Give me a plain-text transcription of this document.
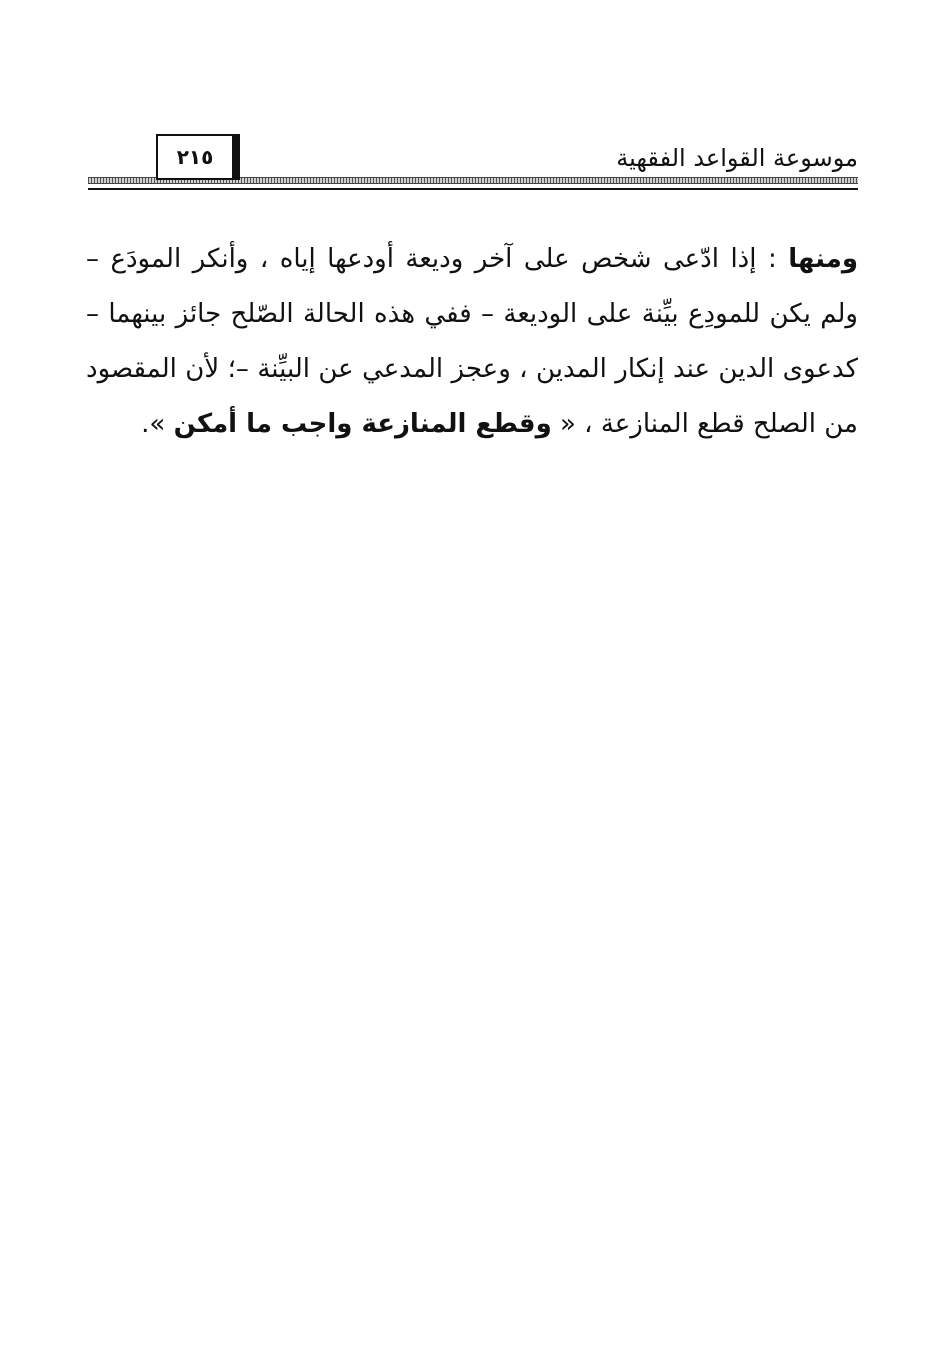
موسوعة القواعد الفقهية
٢١٥
ومنها : إذا ادّعى شخص على آخر وديعة أودعها إياه ، وأنكر المودَع – ولم يكن للمودِع بيِّنة على الوديعة – ففي هذه الحالة الصّلح جائز بينهما – كدعوى الدين عند إنكار المدين ، وعجز المدعي عن البيِّنة –؛ لأن المقصود من الصلح قطع المنازعة ، « وقطع المنازعة واجب ما أمكن ».
